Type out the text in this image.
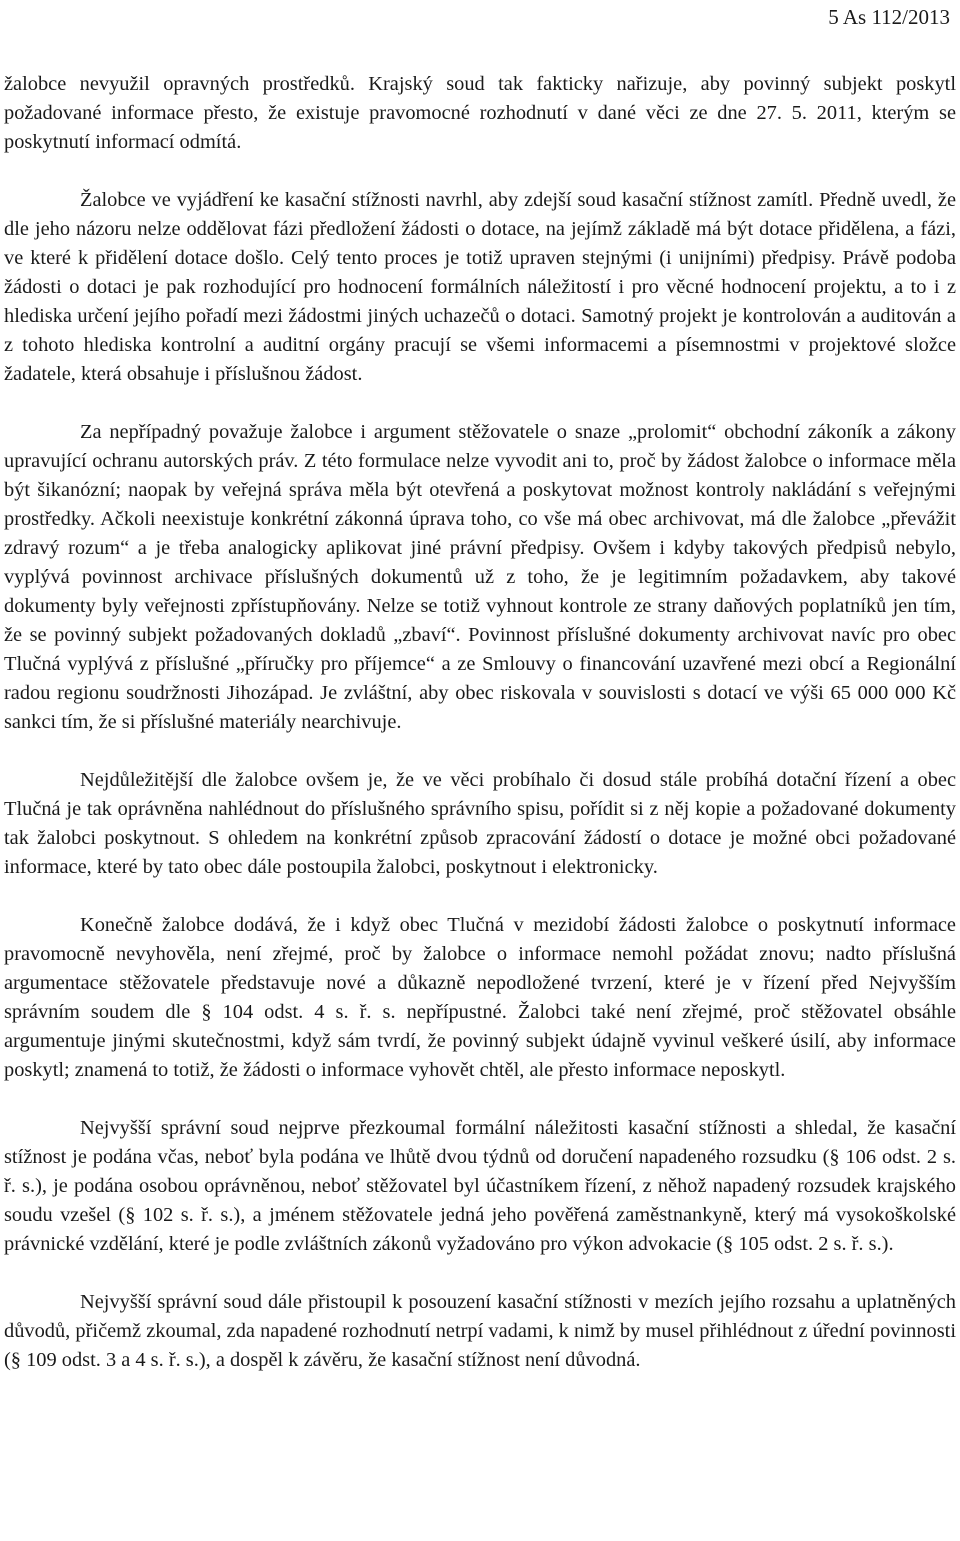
5 As 112/2013

žalobce nevyužil opravných prostředků. Krajský soud tak fakticky nařizuje, aby povinný subjekt poskytl požadované informace přesto, že existuje pravomocné rozhodnutí v dané věci ze dne 27. 5. 2011, kterým se poskytnutí informací odmítá.

Žalobce ve vyjádření ke kasační stížnosti navrhl, aby zdejší soud kasační stížnost zamítl. Předně uvedl, že dle jeho názoru nelze oddělovat fázi předložení žádosti o dotace, na jejímž základě má být dotace přidělena, a fázi, ve které k přidělení dotace došlo. Celý tento proces je totiž upraven stejnými (i unijními) předpisy. Právě podoba žádosti o dotaci je pak rozhodující pro hodnocení formálních náležitostí i pro věcné hodnocení projektu, a to i z hlediska určení jejího pořadí mezi žádostmi jiných uchazečů o dotaci. Samotný projekt je kontrolován a auditován a z tohoto hlediska kontrolní a auditní orgány pracují se všemi informacemi a písemnostmi v projektové složce žadatele, která obsahuje i příslušnou žádost.

Za nepřípadný považuje žalobce i argument stěžovatele o snaze „prolomit“ obchodní zákoník a zákony upravující ochranu autorských práv. Z této formulace nelze vyvodit ani to, proč by žádost žalobce o informace měla být šikanózní; naopak by veřejná správa měla být otevřená a poskytovat možnost kontroly nakládání s veřejnými prostředky. Ačkoli neexistuje konkrétní zákonná úprava toho, co vše má obec archivovat, má dle žalobce „převážit zdravý rozum“ a je třeba analogicky aplikovat jiné právní předpisy. Ovšem i kdyby takových předpisů nebylo, vyplývá povinnost archivace příslušných dokumentů už z toho, že je legitimním požadavkem, aby takové dokumenty byly veřejnosti zpřístupňovány. Nelze se totiž vyhnout kontrole ze strany daňových poplatníků jen tím, že se povinný subjekt požadovaných dokladů „zbaví“. Povinnost příslušné dokumenty archivovat navíc pro obec Tlučná vyplývá z příslušné „příručky pro příjemce“ a ze Smlouvy o financování uzavřené mezi obcí a Regionální radou regionu soudržnosti Jihozápad. Je zvláštní, aby obec riskovala v souvislosti s dotací ve výši 65 000 000 Kč sankci tím, že si příslušné materiály nearchivuje.

Nejdůležitější dle žalobce ovšem je, že ve věci probíhalo či dosud stále probíhá dotační řízení a obec Tlučná je tak oprávněna nahlédnout do příslušného správního spisu, pořídit si z něj kopie a požadované dokumenty tak žalobci poskytnout. S ohledem na konkrétní způsob zpracování žádostí o dotace je možné obci požadované informace, které by tato obec dále postoupila žalobci, poskytnout i elektronicky.

Konečně žalobce dodává, že i když obec Tlučná v mezidobí žádosti žalobce o poskytnutí informace pravomocně nevyhověla, není zřejmé, proč by žalobce o informace nemohl požádat znovu; nadto příslušná argumentace stěžovatele představuje nové a důkazně nepodložené tvrzení, které je v řízení před Nejvyšším správním soudem dle § 104 odst. 4 s. ř. s. nepřípustné. Žalobci také není zřejmé, proč stěžovatel obsáhle argumentuje jinými skutečnostmi, když sám tvrdí, že povinný subjekt údajně vyvinul veškeré úsilí, aby informace poskytl; znamená to totiž, že žádosti o informace vyhovět chtěl, ale přesto informace neposkytl.

Nejvyšší správní soud nejprve přezkoumal formální náležitosti kasační stížnosti a shledal, že kasační stížnost je podána včas, neboť byla podána ve lhůtě dvou týdnů od doručení napadeného rozsudku (§ 106 odst. 2 s. ř. s.), je podána osobou oprávněnou, neboť stěžovatel byl účastníkem řízení, z něhož napadený rozsudek krajského soudu vzešel (§ 102 s. ř. s.), a jménem stěžovatele jedná jeho pověřená zaměstnankyně, který má vysokoškolské právnické vzdělání, které je podle zvláštních zákonů vyžadováno pro výkon advokacie (§ 105 odst. 2 s. ř. s.).

Nejvyšší správní soud dále přistoupil k posouzení kasační stížnosti v mezích jejího rozsahu a uplatněných důvodů, přičemž zkoumal, zda napadené rozhodnutí netrpí vadami, k nimž by musel přihlédnout z úřední povinnosti (§ 109 odst. 3 a 4 s. ř. s.), a dospěl k závěru, že kasační stížnost není důvodná.
